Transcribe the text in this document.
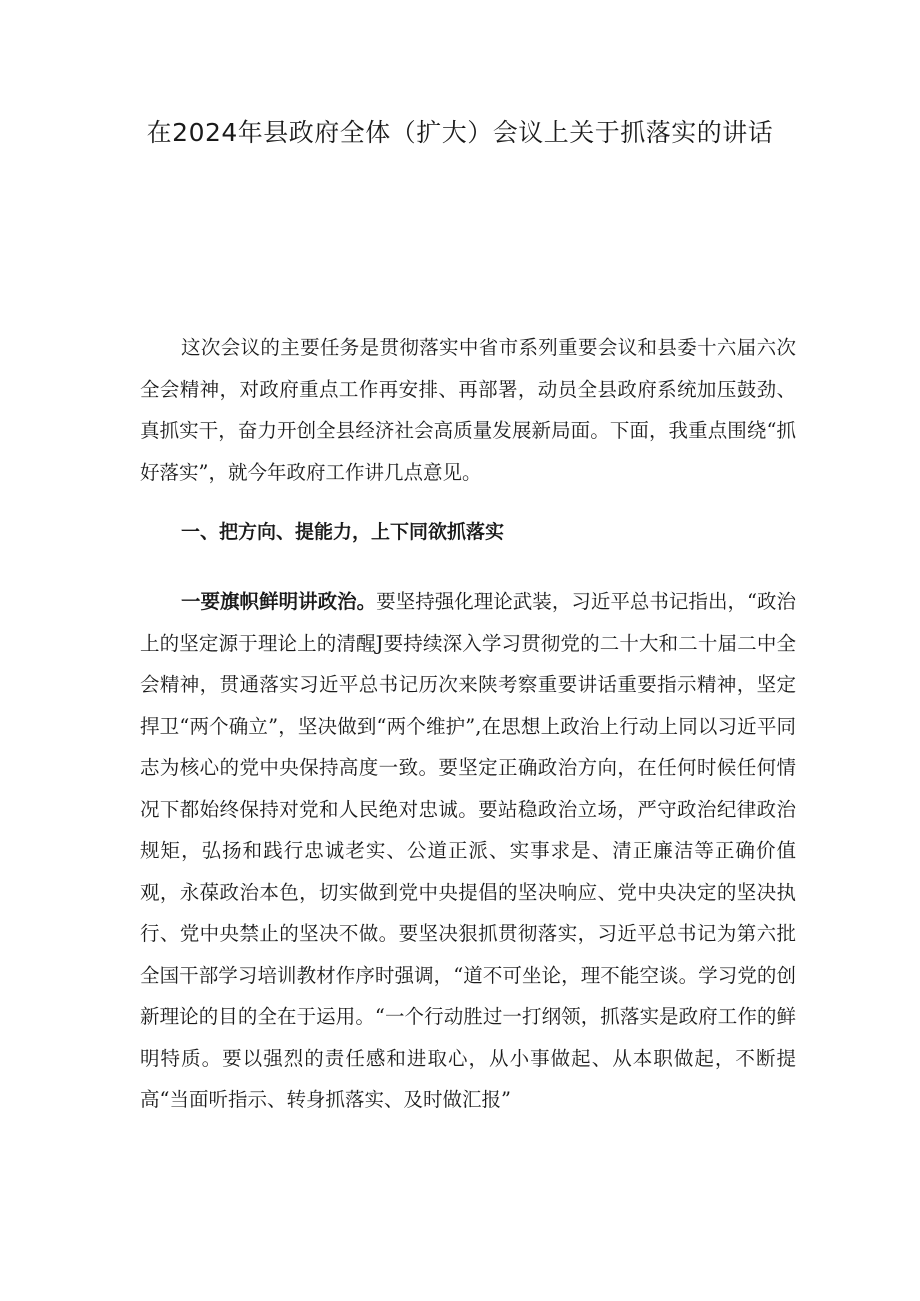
在2024年县政府全体（扩大）会议上关于抓落实的讲话

这次会议的主要任务是贯彻落实中省市系列重要会议和县委十六届六次全会精神，对政府重点工作再安排、再部署，动员全县政府系统加压鼓劲、真抓实干，奋力开创全县经济社会高质量发展新局面。下面，我重点围绕“抓好落实”，就今年政府工作讲几点意见。

一、把方向、提能力，上下同欲抓落实

一要旗帜鲜明讲政治。要坚持强化理论武装，习近平总书记指出，“政治上的坚定源于理论上的清醒J要持续深入学习贯彻党的二十大和二十届二中全会精神，贯通落实习近平总书记历次来陕考察重要讲话重要指示精神，坚定捍卫“两个确立”，坚决做到“两个维护”,在思想上政治上行动上同以习近平同志为核心的党中央保持高度一致。要坚定正确政治方向，在任何时候任何情况下都始终保持对党和人民绝对忠诚。要站稳政治立场，严守政治纪律政治规矩，弘扬和践行忠诚老实、公道正派、实事求是、清正廉洁等正确价值观，永葆政治本色，切实做到党中央提倡的坚决响应、党中央决定的坚决执行、党中央禁止的坚决不做。要坚决狠抓贯彻落实，习近平总书记为第六批全国干部学习培训教材作序时强调，“道不可坐论，理不能空谈。学习党的创新理论的目的全在于运用。“一个行动胜过一打纲领，抓落实是政府工作的鲜明特质。要以强烈的责任感和进取心，从小事做起、从本职做起，不断提高“当面听指示、转身抓落实、及时做汇报”
